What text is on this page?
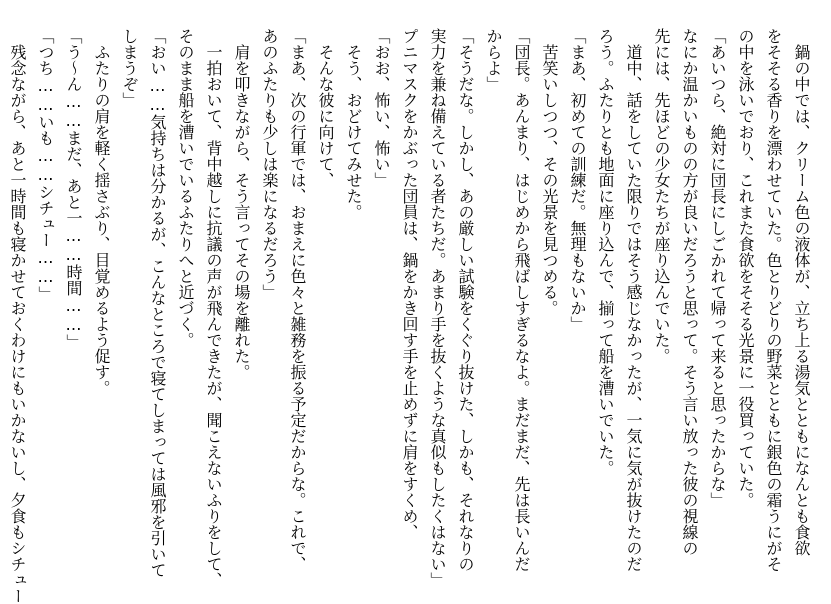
　鍋の中では、クリーム色の液体が、立ち上る湯気とともになんとも食欲

をそそる香りを漂わせていた。色とりどりの野菜とともに銀色の霜うにがそ

の中を泳いでおり、これまた食欲をそそる光景に一役買っていた。

「あいつら、絶対に団長にしごかれて帰って来ると思ったからな」

なにか温かいものの方が良いだろうと思って。そう言い放った彼の視線の

先には、先ほどの少女たちが座り込んでいた。

　道中、話をしていた限りではそう感じなかったが、一気に気が抜けたのだ

ろう。ふたりとも地面に座り込んで、揃って船を漕いでいた。

「まあ、初めての訓練だ。無理もないか」

　苦笑いしつつ、その光景を見つめる。

「団長。あんまり、はじめから飛ばしすぎるなよ。まだまだ、先は長いんだ

からよ」

「そうだな。しかし、あの厳しい試験をくぐり抜けた、しかも、それなりの

実力を兼ね備えている者たちだ。あまり手を抜くような真似もしたくはない」

プニマスクをかぶった団員は、鍋をかき回す手を止めずに肩をすくめ、

「おお、怖い、怖い」

　そう、おどけてみせた。

　そんな彼に向けて、

「まあ、次の行軍では、おまえに色々と雑務を振る予定だからな。これで、

あのふたりも少しは楽になるだろう」

　肩を叩きながら、そう言ってその場を離れた。

　一拍おいて、背中越しに抗議の声が飛んできたが、聞こえないふりをして、

そのまま船を漕いでいるふたりへと近づく。

「おい……気持ちは分かるが、こんなところで寝てしまっては風邪を引いて

しまうぞ」

　ふたりの肩を軽く揺さぶり、目覚めるよう促す。

「う～ん……まだ、あと一……時間……」

「つち……いも……シチュー……」

　残念ながら、あと一時間も寝かせておくわけにもいかないし、夕食もシチュー
